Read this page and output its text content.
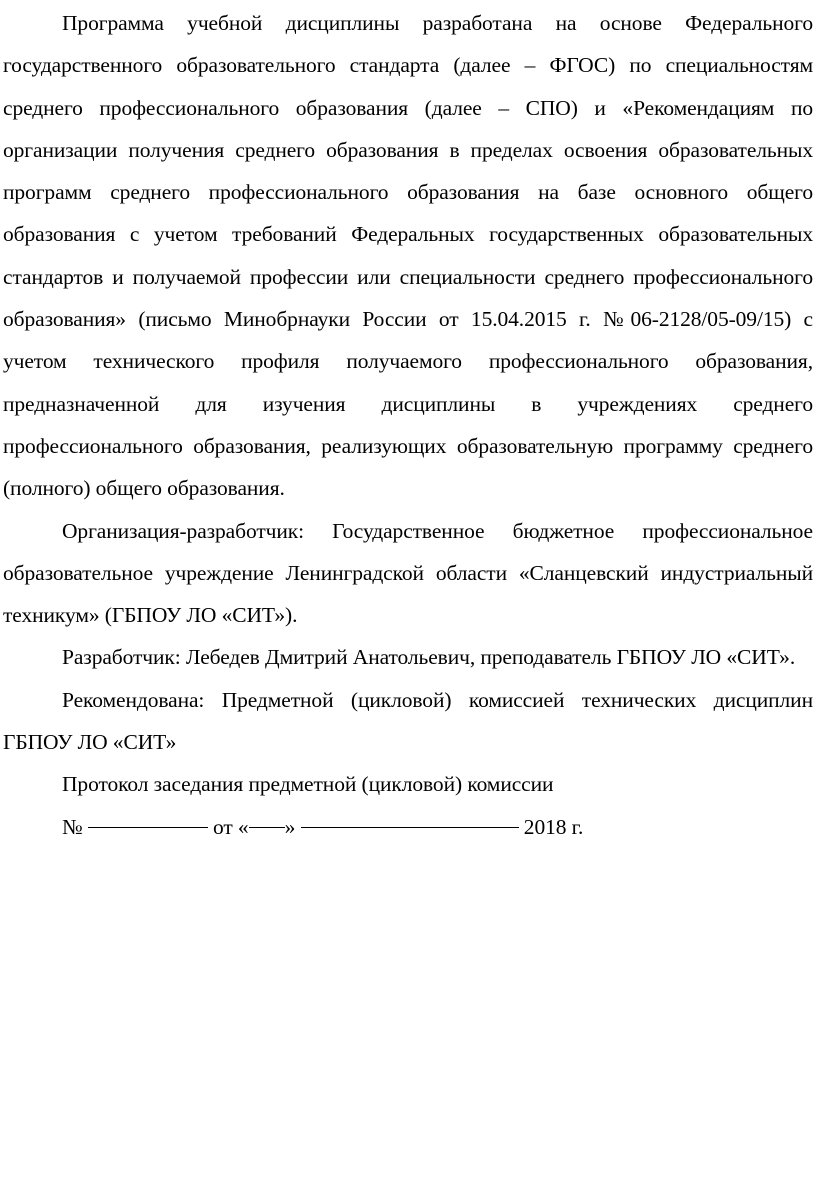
Программа учебной дисциплины разработана на основе Федерального государственного образовательного стандарта (далее – ФГОС) по специальностям среднего профессионального образования (далее – СПО) и «Рекомендациям по организации получения среднего образования в пределах освоения образовательных программ среднего профессионального образования на базе основного общего образования с учетом требований Федеральных государственных образовательных стандартов и получаемой профессии или специальности среднего профессионального образования» (письмо Минобрнауки России от 15.04.2015 г. №06-2128/05-09/15) с учетом технического профиля получаемого профессионального образования, предназначенной для изучения дисциплины в учреждениях среднего профессионального образования, реализующих образовательную программу среднего (полного) общего образования.

Организация-разработчик: Государственное бюджетное профессиональное образовательное учреждение Ленинградской области «Сланцевский индустриальный техникум» (ГБПОУ ЛО «СИТ»).

Разработчик: Лебедев Дмитрий Анатольевич, преподаватель ГБПОУ ЛО «СИТ».

Рекомендована: Предметной (цикловой) комиссией технических дисциплин ГБПОУ ЛО «СИТ»

Протокол заседания предметной (цикловой) комиссии

№	от « »	2018 г.
